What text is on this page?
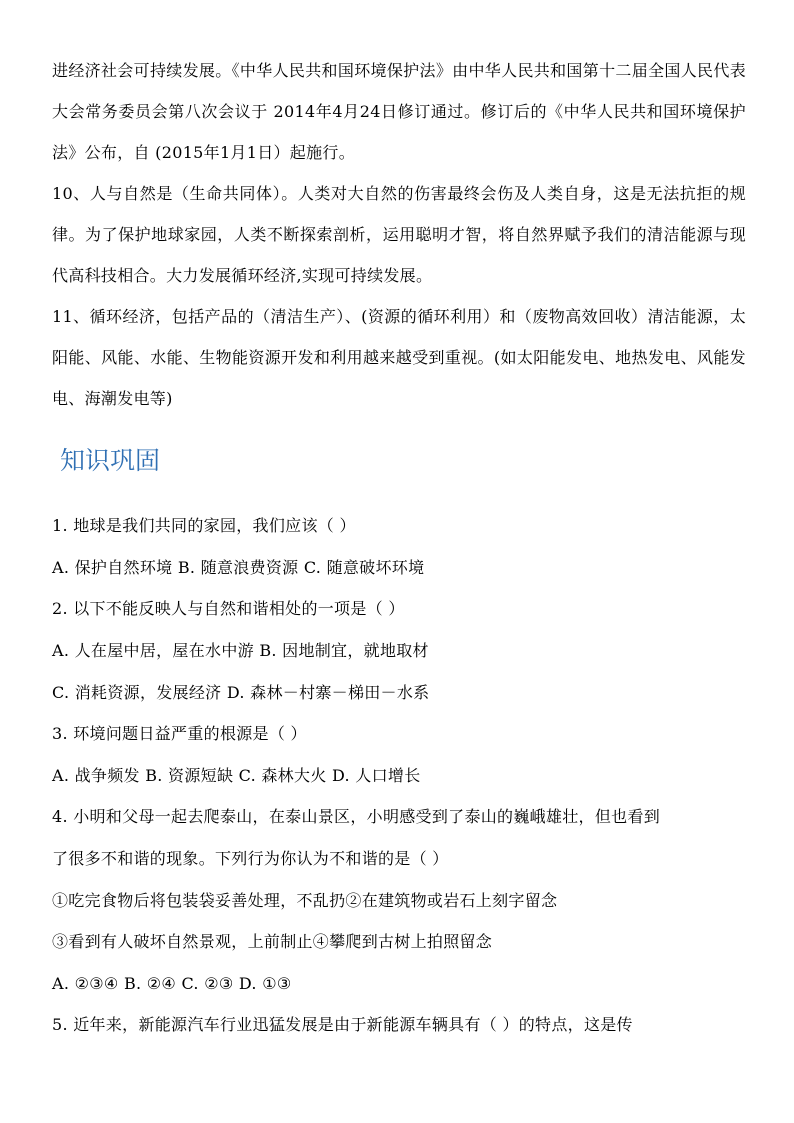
进经济社会可持续发展。《中华人民共和国环境保护法》由中华人民共和国第十二届全国人民代表大会常务委员会第八次会议于 2014年4月24日修订通过。修订后的《中华人民共和国环境保护法》公布，自 (2015年1月1日）起施行。
10、人与自然是（生命共同体）。人类对大自然的伤害最终会伤及人类自身，这是无法抗拒的规律。为了保护地球家园，人类不断探索剖析，运用聪明才智，将自然界赋予我们的清洁能源与现代高科技相合。大力发展循环经济,实现可持续发展。
11、循环经济，包括产品的（清洁生产）、(资源的循环利用）和（废物高效回收）清洁能源，太阳能、风能、水能、生物能资源开发和利用越来越受到重视。(如太阳能发电、地热发电、风能发电、海潮发电等)
知识巩固
1. 地球是我们共同的家园，我们应该（ ）
A. 保护自然环境 B. 随意浪费资源 C. 随意破坏环境
2. 以下不能反映人与自然和谐相处的一项是（ ）
A. 人在屋中居，屋在水中游 B. 因地制宜，就地取材
C. 消耗资源，发展经济 D. 森林－村寨－梯田－水系
3. 环境问题日益严重的根源是（ ）
A. 战争频发 B. 资源短缺 C. 森林大火 D. 人口增长
4. 小明和父母一起去爬泰山，在泰山景区，小明感受到了泰山的巍峨雄壮，但也看到
了很多不和谐的现象。下列行为你认为不和谐的是（ ）
①吃完食物后将包装袋妥善处理，不乱扔②在建筑物或岩石上刻字留念
③看到有人破坏自然景观，上前制止④攀爬到古树上拍照留念
A. ②③④ B. ②④ C. ②③ D. ①③
5. 近年来，新能源汽车行业迅猛发展是由于新能源车辆具有（ ）的特点，这是传
